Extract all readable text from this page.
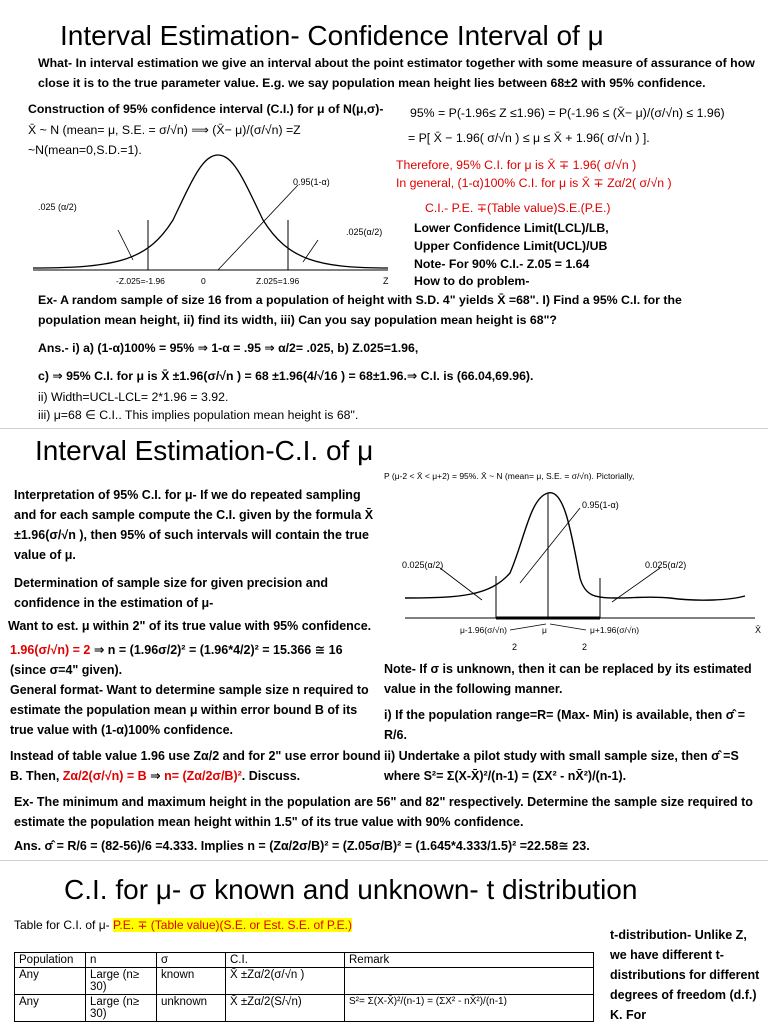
Interval Estimation- Confidence Interval of μ
What- In interval estimation we give an interval about the point estimator together with some measure of assurance of how close it is to the true parameter value. E.g. we say population mean height lies between 68±2 with 95% confidence.
Construction of 95% confidence interval (C.I.) for μ of N(μ,σ)-
X̄ ~ N (mean= μ, S.E. = σ/√n) ⟹ (X̄− μ)/(σ/√n) =Z ~N(mean=0,S.D.=1).
95% = P(-1.96≤ Z ≤1.96) = P(-1.96 ≤ (X̄− μ)/(σ/√n) ≤ 1.96)
= P[ X̄ − 1.96( σ/√n ) ≤ μ ≤ X̄ + 1.96( σ/√n ) ].
Therefore, 95% C.I. for μ is X̄ ∓ 1.96( σ/√n )
In general, (1-α)100% C.I. for μ is X̄ ∓ Zα/2( σ/√n )
C.I.- P.E. ∓(Table value)S.E.(P.E.)
Lower Confidence Limit(LCL)/LB,
Upper Confidence Limit(UCL)/UB
Note- For 90% C.I.- Z.05 = 1.64
How to do problem-
0.95(1-α)
.025 (α/2)
.025(α/2)
-Z.025=-1.96	0	Z.025=1.96	Z
Ex- A random sample of size 16 from a population of height with S.D. 4" yields X̄ =68". I) Find a 95% C.I. for the population mean height, ii) find its width, iii) Can you say population mean height is 68"?
Ans.- i) a) (1-α)100% = 95% ⇒ 1-α = .95 ⇒ α/2= .025, b) Z.025=1.96,
c) ⇒ 95% C.I. for μ is X̄ ±1.96(σ/√n ) = 68 ±1.96(4/√16 ) = 68±1.96.⇒ C.I. is (66.04,69.96).
ii) Width=UCL-LCL= 2*1.96 = 3.92.
iii) μ=68 ∈ C.I.. This implies population mean height is 68".
Interval Estimation-C.I. of μ
P (μ-2 < X̄ < μ+2) = 95%. X̄ ~ N (mean= μ, S.E. = σ/√n). Pictorially,
0.95(1-α)
0.025(α/2)	0.025(α/2)
μ-1.96(σ/√n)	μ	μ+1.96(σ/√n)	X̄
2	2
Interpretation of 95% C.I. for μ- If we do repeated sampling and for each sample compute the C.I. given by the formula X̄ ±1.96(σ/√n ), then 95% of such intervals will contain the true value of μ.
Determination of sample size for given precision and confidence in the estimation of μ-
Want to est. μ within 2" of its true value with 95% confidence.
1.96(σ/√n) = 2 ⇒ n = (1.96σ/2)² = (1.96*4/2)² = 15.366 ≅ 16 (since σ=4" given).
General format- Want to determine sample size n required to estimate the population mean μ within error bound B of its true value with (1-α)100% confidence.
Instead of table value 1.96 use Zα/2 and for 2" use error bound B. Then, Zα/2(σ/√n) = B ⇒ n= (Zα/2σ/B)². Discuss.
Note- If σ is unknown, then it can be replaced by its estimated value in the following manner.
i) If the population range=R= (Max- Min) is available, then σ̂ = R/6.
ii) Undertake a pilot study with small sample size, then σ̂ =S where S²= Σ(X-X̄)²/(n-1) = (ΣX² - nX̄²)/(n-1).
Ex- The minimum and maximum height in the population are 56" and 82" respectively. Determine the sample size required to estimate the population mean height within 1.5" of its true value with 90% confidence.
Ans. σ̂ = R/6 = (82-56)/6 =4.333. Implies n = (Zα/2σ/B)² = (Z.05σ/B)² = (1.645*4.333/1.5)² =22.58≅ 23.
C.I. for μ- σ known and unknown- t distribution
Table for C.I. of μ- P.E. ∓ (Table value)(S.E. or Est. S.E. of P.E.)
t-distribution- Unlike Z, we have different t-distributions for different degrees of freedom (d.f.) K. For
Population	n	σ	C.I.	Remark
Any	Large (n≥ 30)	known	X̄ ±Zα/2(σ/√n )	
Any	Large (n≥ 30)	unknown	X̄ ±Zα/2(S/√n)	S²= Σ(X-X̄)²/(n-1) = (ΣX² - nX̄²)/(n-1)
